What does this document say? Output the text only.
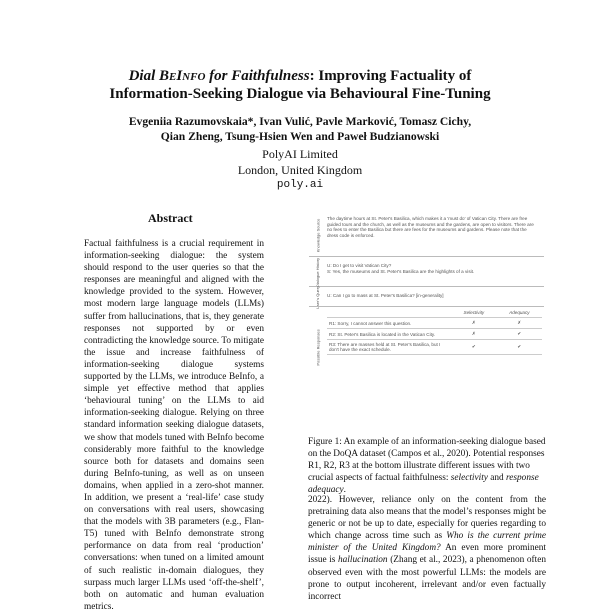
Dial BeInfo for Faithfulness: Improving Factuality of
Information-Seeking Dialogue via Behavioural Fine-Tuning
Evgeniia Razumovskaia*, Ivan Vulić, Pavle Marković, Tomasz Cichy,
Qian Zheng, Tsung-Hsien Wen and Paweł Budzianowski
PolyAI Limited
London, United Kingdom
poly.ai
Abstract

Factual faithfulness is a crucial requirement in information-seeking dialogue: the system should respond to the user queries so that the responses are meaningful and aligned with the knowledge provided to the system. However, most modern large language models (LLMs) suffer from hallucinations, that is, they generate responses not supported by or even contradicting the knowledge source. To mitigate the issue and increase faithfulness of information-seeking dialogue systems supported by the LLMs, we introduce BeInfo, a simple yet effective method that applies ‘behavioural tuning’ on the LLMs to aid information-seeking dialogue. Relying on three standard information seeking dialogue datasets, we show that models tuned with BeInfo become considerably more faithful to the knowledge source both for datasets and domains seen during BeInfo-tuning, as well as on unseen domains, when applied in a zero-shot manner. In addition, we present a ‘real-life’ case study on conversations with real users, showcasing that the models with 3B parameters (e.g., Flan-T5) tuned with BeInfo demonstrate strong performance on data from real ‘production’ conversations: when tuned on a limited amount of such realistic in-domain dialogues, they surpass much larger LLMs used ‘off-the-shelf’, both on automatic and human evaluation metrics.

Knowledge Source The daytime hours at St. Peter's Basilica, which makes it a 'must do' of Vatican City. There are free guided tours and the church, as well as the museums and the gardens, are open to visitors. There are no fees to enter the Basilica but there are fees for the museums and gardens. Please note that the dress code is enforced.
Dialogue History U: Do I get to visit Vatican City?
S: Yes, the museums and St. Peter's Basilica are the highlights of a visit.
User's Query U: Can I go to mass at St. Peter's Basilica? [in-generality]
Possible Responses
	Selectivity	Adequacy
R1: Sorry, I cannot answer this question.	✗	✗
R2: St. Peter's Basilica is located in the Vatican City.	✗	✔
R3: There are masses held at St. Peter's Basilica, but I don't have the exact schedule.	✔	✔

Figure 1: An example of an information-seeking dialogue based on the DoQA dataset (Campos et al., 2020). Potential responses R1, R2, R3 at the bottom illustrate different issues with two crucial aspects of factual faithfulness: selectivity and response adequacy.

2022). However, reliance only on the content from the pretraining data also means that the model’s responses might be generic or not be up to date, especially for queries regarding to which change across time such as Who is the current prime minister of the United Kingdom? An even more prominent issue is hallucination (Zhang et al., 2023), a phenomenon often observed even with the most powerful LLMs: the models are prone to output incoherent, irrelevant and/or even factually incorrect
